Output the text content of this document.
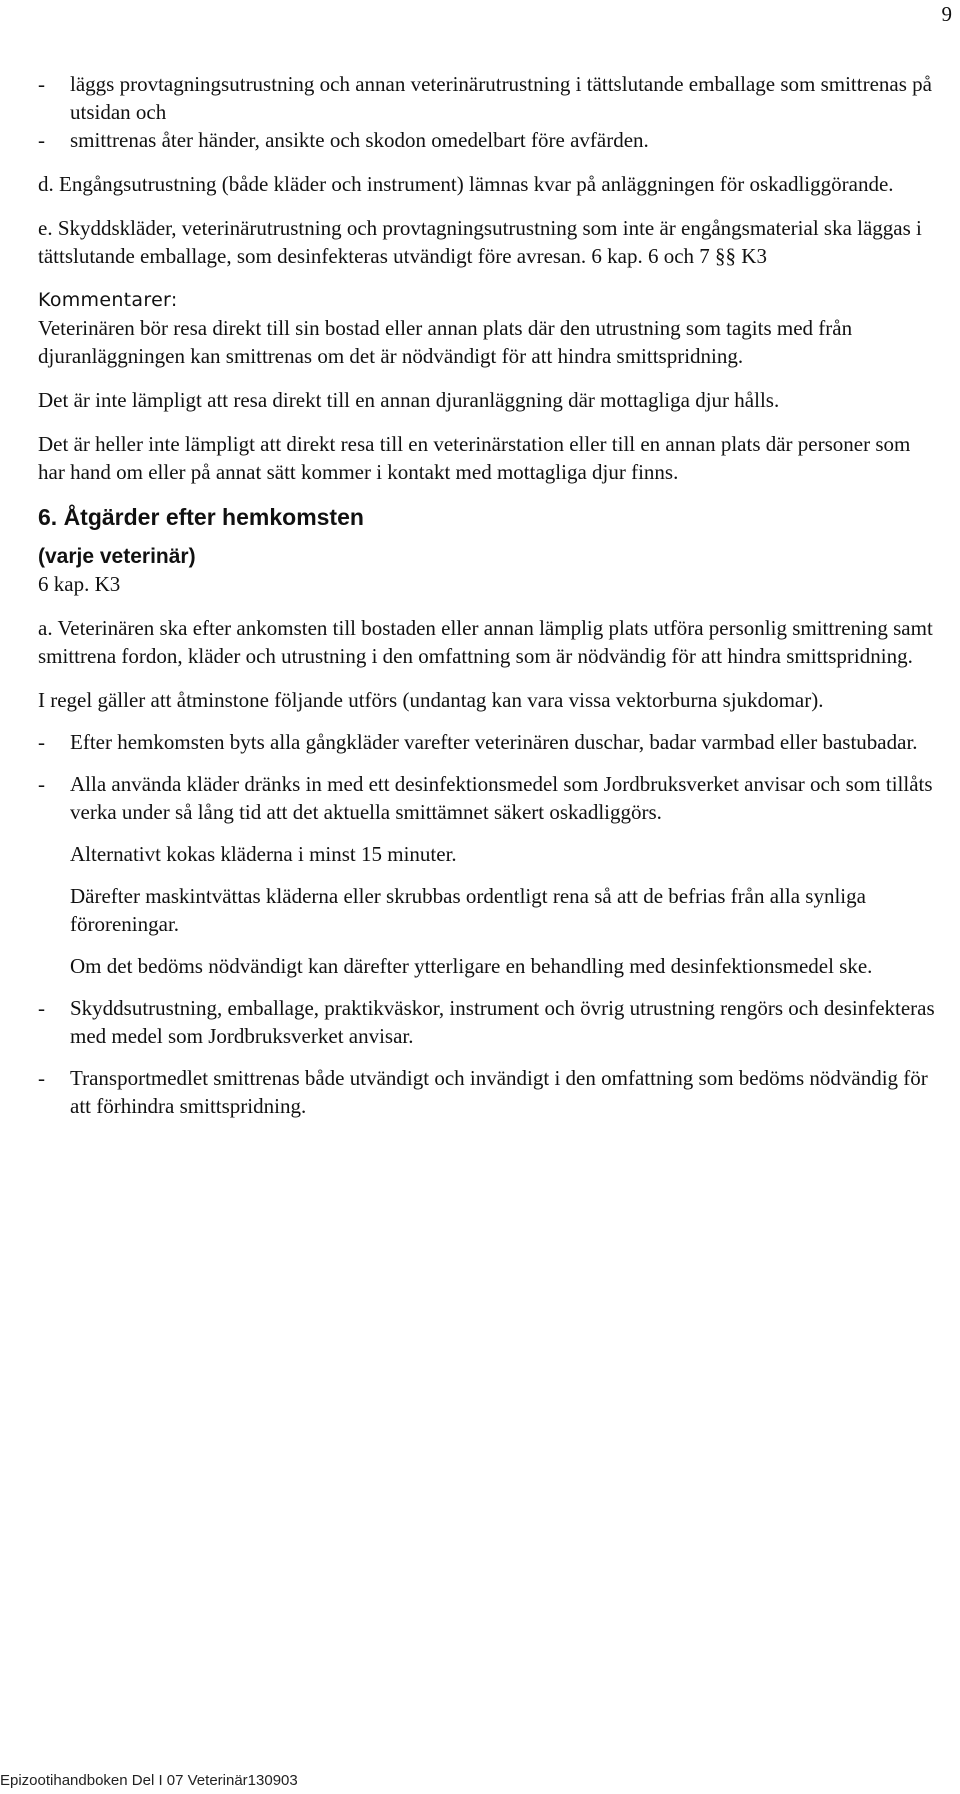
9
-	läggs provtagningsutrustning och annan veterinärutrustning i tättslutande emballage som smittrenas på utsidan och
-	smittrenas åter händer, ansikte och skodon omedelbart före avfärden.

d. Engångsutrustning (både kläder och instrument) lämnas kvar på anläggningen för oskadliggörande.

e. Skyddskläder, veterinärutrustning och provtagningsutrustning som inte är engångsmaterial ska läggas i tättslutande emballage, som desinfekteras utvändigt före avresan. 6 kap. 6 och 7 §§ K3

Kommentarer:

Veterinären bör resa direkt till sin bostad eller annan plats där den utrustning som tagits med från djuranläggningen kan smittrenas om det är nödvändigt för att hindra smittspridning.

Det är inte lämpligt att resa direkt till en annan djuranläggning där mottagliga djur hålls.

Det är heller inte lämpligt att direkt resa till en veterinärstation eller till en annan plats där personer som har hand om eller på annat sätt kommer i kontakt med mottagliga djur finns.

6. Åtgärder efter hemkomsten

(varje veterinär)

6 kap. K3

a. Veterinären ska efter ankomsten till bostaden eller annan lämplig plats utföra personlig smittrening samt smittrena fordon, kläder och utrustning i den omfattning som är nödvändig för att hindra smittspridning.

I regel gäller att åtminstone följande utförs (undantag kan vara vissa vektorburna sjukdomar).

-	Efter hemkomsten byts alla gångkläder varefter veterinären duschar, badar varmbad eller bastubadar.
-	Alla använda kläder dränks in med ett desinfektionsmedel som Jordbruksverket anvisar och som tillåts verka under så lång tid att det aktuella smittämnet säkert oskadliggörs.

Alternativt kokas kläderna i minst 15 minuter.

Därefter maskintvättas kläderna eller skrubbas ordentligt rena så att de befrias från alla synliga föroreningar.

Om det bedöms nödvändigt kan därefter ytterligare en behandling med desinfektionsmedel ske.

-	Skyddsutrustning, emballage, praktikväskor, instrument och övrig utrustning rengörs och desinfekteras med medel som Jordbruksverket anvisar.
-	Transportmedlet smittrenas både utvändigt och invändigt i den omfattning som bedöms nödvändig för att förhindra smittspridning.
Epizootihandboken Del I 07 Veterinär130903
